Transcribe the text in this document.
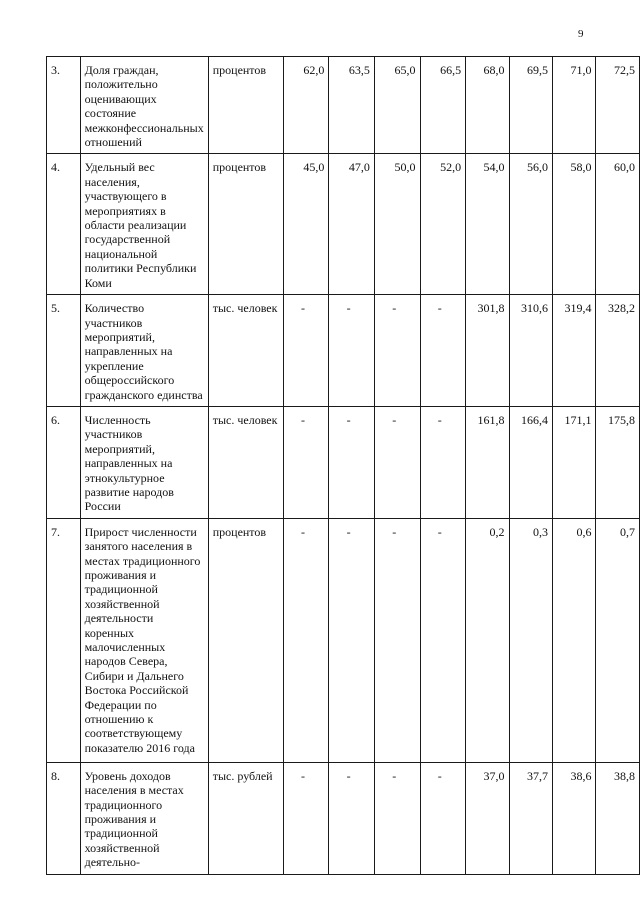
9
3.	Доля граждан, положительно оценивающих состояние межконфессиональных отношений	процентов	62,0	63,5	65,0	66,5	68,0	69,5	71,0	72,5
4.	Удельный вес населения, участвующего в мероприятиях в области реализации государственной национальной политики Республики Коми	процентов	45,0	47,0	50,0	52,0	54,0	56,0	58,0	60,0
5.	Количество участников мероприятий, направленных на укрепление общероссийского гражданского единства	тыс. человек	-	-	-	-	301,8	310,6	319,4	328,2
6.	Численность участников мероприятий, направленных на этнокультурное развитие народов России	тыс. человек	-	-	-	-	161,8	166,4	171,1	175,8
7.	Прирост численности занятого населения в местах традиционного проживания и традиционной хозяйственной деятельности коренных малочисленных народов Севера, Сибири и Дальнего Востока Российской Федерации по отношению к соответствующему показателю 2016 года	процентов	-	-	-	-	0,2	0,3	0,6	0,7
8.	Уровень доходов населения в местах традиционного проживания и традиционной хозяйственной деятельно-	тыс. рублей	-	-	-	-	37,0	37,7	38,6	38,8
